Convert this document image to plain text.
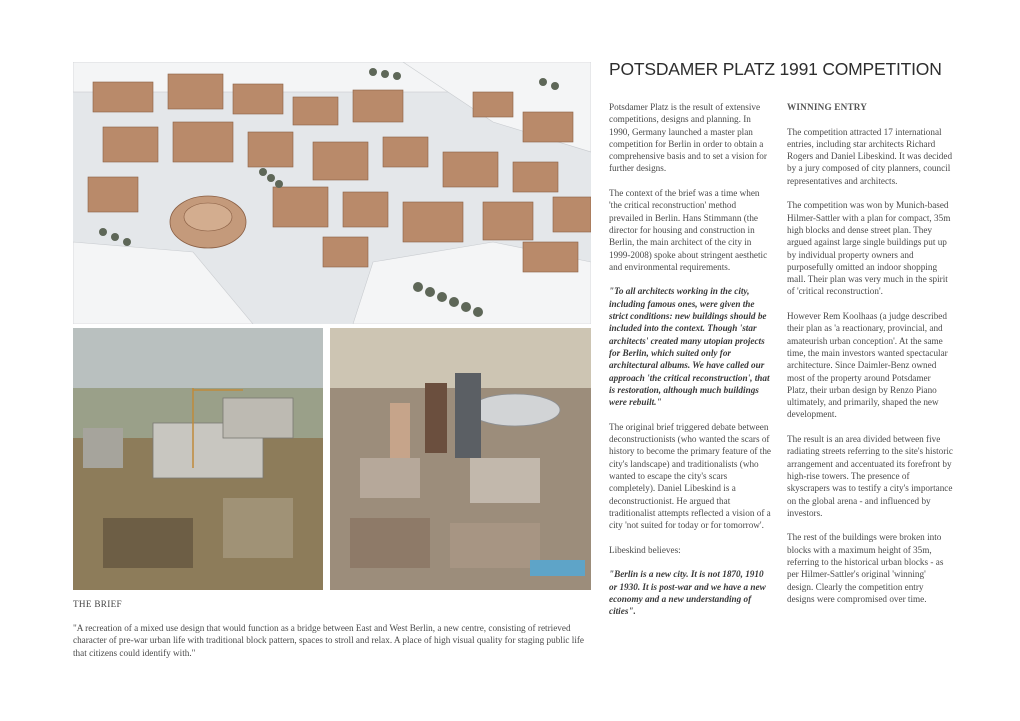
POTSDAMER PLATZ 1991 COMPETITION

Potsdamer Platz is the result of extensive competitions, designs and planning. In 1990, Germany launched a master plan competition for Berlin in order to obtain a comprehensive basis and to set a vision for further designs.

The context of the brief was a time when 'the critical reconstruction' method prevailed in Berlin. Hans Stimmann (the director for housing and construction in Berlin, the main architect of the city in 1999-2008) spoke about stringent aesthetic and environmental requirements.

"To all architects working in the city, including famous ones, were given the strict conditions: new buildings should be included into the context. Though 'star architects' created many utopian projects for Berlin, which suited only for architectural albums. We have called our approach 'the critical reconstruction', that is restoration, although much buildings were rebuilt."

The original brief triggered debate between deconstructionists (who wanted the scars of history to become the primary feature of the city's landscape) and traditionalists (who wanted to escape the city's scars completely). Daniel Libeskind is a deconstructionist. He argued that traditionalist attempts reflected a vision of a city 'not suited for today or for tomorrow'.

Libeskind believes:

"Berlin is a new city. It is not 1870, 1910 or 1930. It is post-war and we have a new economy and a new understanding of cities".

WINNING ENTRY

The competition attracted 17 international entries, including star architects Richard Rogers and Daniel Libeskind. It was decided by a jury composed of city planners, council representatives and architects.

The competition was won by Munich-based Hilmer-Sattler with a plan for compact, 35m high blocks and dense street plan. They argued against large single buildings put up by individual property owners and purposefully omitted an indoor shopping mall. Their plan was very much in the spirit of 'critical reconstruction'.

However Rem Koolhaas (a judge described their plan as 'a reactionary, provincial, and amateurish urban conception'. At the same time, the main investors wanted spectacular architecture. Since Daimler-Benz owned most of the property around Potsdamer Platz, their urban design by Renzo Piano ultimately, and primarily, shaped the new development.

The result is an area divided between five radiating streets referring to the site's historic arrangement and accentuated its forefront by high-rise towers. The presence of skyscrapers was to testify a city's importance on the global arena - and influenced by investors.

The rest of the buildings were broken into blocks with a maximum height of 35m, referring to the historical urban blocks - as per Hilmer-Sattler's original 'winning' design. Clearly the competition entry designs were compromised over time.

THE BRIEF
"A recreation of a mixed use design that would function as a bridge between East and West Berlin, a new centre, consisting of retrieved character of pre-war urban life with traditional block pattern, spaces to stroll and relax. A place of high visual quality for staging public life that citizens could identify with."
